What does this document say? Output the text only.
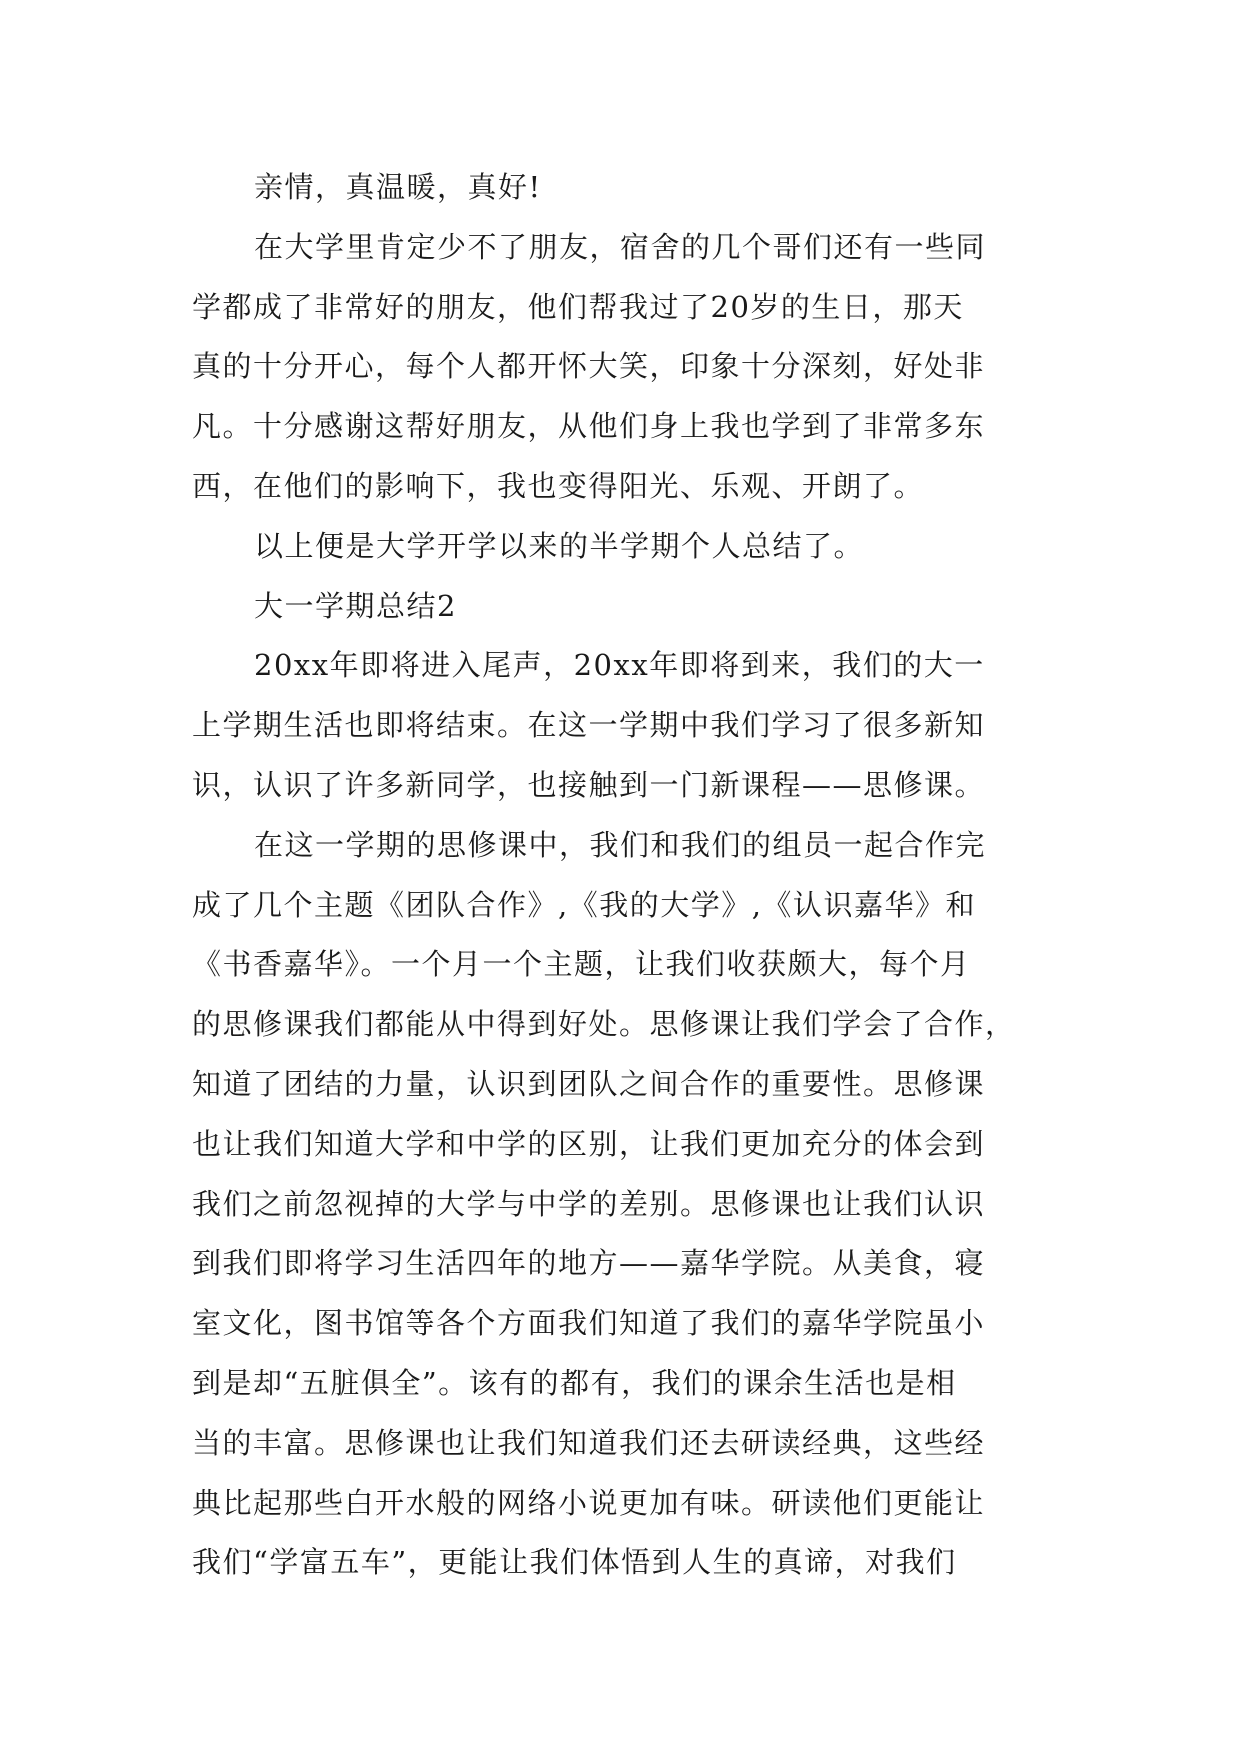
亲情，真温暖，真好!
在大学里肯定少不了朋友，宿舍的几个哥们还有一些同
学都成了非常好的朋友，他们帮我过了20岁的生日，那天
真的十分开心，每个人都开怀大笑，印象十分深刻，好处非
凡。十分感谢这帮好朋友，从他们身上我也学到了非常多东
西，在他们的影响下，我也变得阳光、乐观、开朗了。
以上便是大学开学以来的半学期个人总结了。
大一学期总结2
20xx年即将进入尾声，20xx年即将到来，我们的大一
上学期生活也即将结束。在这一学期中我们学习了很多新知
识，认识了许多新同学，也接触到一门新课程——思修课。
在这一学期的思修课中，我们和我们的组员一起合作完
成了几个主题《团队合作》,《我的大学》,《认识嘉华》和
《书香嘉华》。一个月一个主题，让我们收获颇大，每个月
的思修课我们都能从中得到好处。思修课让我们学会了合作，
知道了团结的力量，认识到团队之间合作的重要性。思修课
也让我们知道大学和中学的区别，让我们更加充分的体会到
我们之前忽视掉的大学与中学的差别。思修课也让我们认识
到我们即将学习生活四年的地方——嘉华学院。从美食，寝
室文化，图书馆等各个方面我们知道了我们的嘉华学院虽小
到是却“五脏俱全”。该有的都有，我们的课余生活也是相
当的丰富。思修课也让我们知道我们还去研读经典，这些经
典比起那些白开水般的网络小说更加有味。研读他们更能让
我们“学富五车”，更能让我们体悟到人生的真谛，对我们
